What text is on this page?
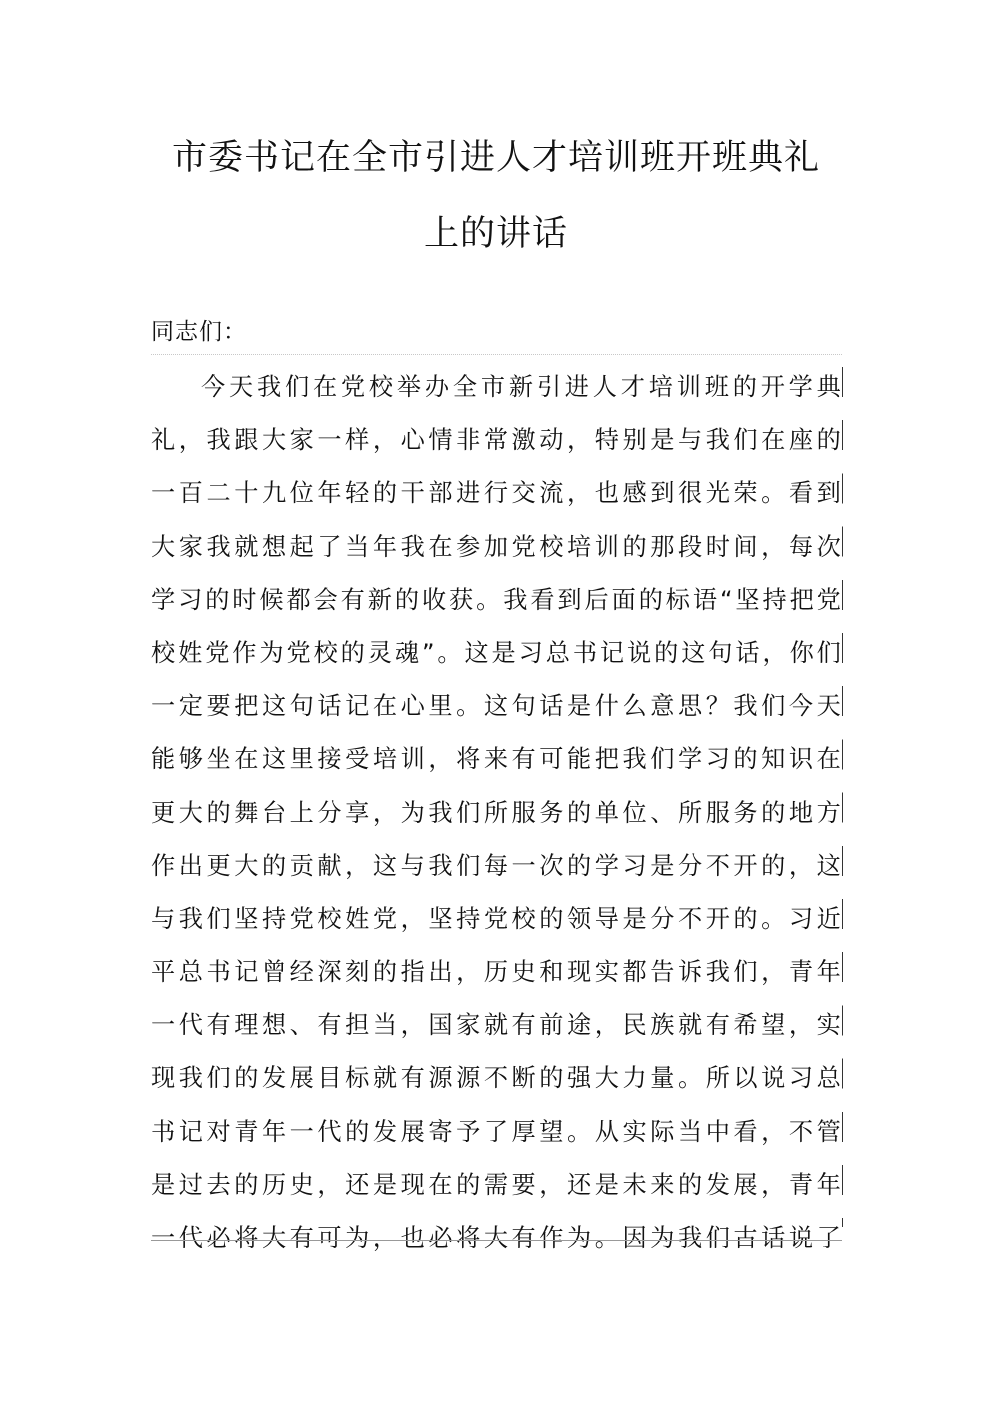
市委书记在全市引进人才培训班开班典礼
上的讲话
同志们：
今 天 我 们 在 党 校 举 办 全 市 新 引 进 人 才 培 训 班 的 开 学 典
礼 ， 我 跟 大 家 一 样 ， 心 情 非 常 激 动 ， 特 别 是 与 我 们 在 座 的
一 百 二 十 九 位 年 轻 的 干 部 进 行 交 流 ， 也 感 到 很 光 荣 。 看 到
大 家 我 就 想 起 了 当 年 我 在 参 加 党 校 培 训 的 那 段 时 间 ， 每 次
学 习 的 时 候 都 会 有 新 的 收 获 。 我 看 到 后 面 的 标 语 “ 坚 持 把 党
校 姓 党 作 为 党 校 的 灵 魂 ” 。 这 是 习 总 书 记 说 的 这 句 话 ， 你 们
一 定 要 把 这 句 话 记 在 心 里 。 这 句 话 是 什 么 意 思 ？ 我 们 今 天
能 够 坐 在 这 里 接 受 培 训 ， 将 来 有 可 能 把 我 们 学 习 的 知 识 在
更 大 的 舞 台 上 分 享 ， 为 我 们 所 服 务 的 单 位 、 所 服 务 的 地 方
作 出 更 大 的 贡 献 ， 这 与 我 们 每 一 次 的 学 习 是 分 不 开 的 ， 这
与 我 们 坚 持 党 校 姓 党 ， 坚 持 党 校 的 领 导 是 分 不 开 的 。 习 近
平 总 书 记 曾 经 深 刻 的 指 出 ， 历 史 和 现 实 都 告 诉 我 们 ， 青 年
一 代 有 理 想 、 有 担 当 ， 国 家 就 有 前 途 ， 民 族 就 有 希 望 ， 实
现 我 们 的 发 展 目 标 就 有 源 源 不 断 的 强 大 力 量 。 所 以 说 习 总
书 记 对 青 年 一 代 的 发 展 寄 予 了 厚 望 。 从 实 际 当 中 看 ， 不 管
是 过 去 的 历 史 ， 还 是 现 在 的 需 要 ， 还 是 未 来 的 发 展 ， 青 年
一 代 必 将 大 有 可 为 ， 也 必 将 大 有 作 为 。 因 为 我 们 古 话 说 了
